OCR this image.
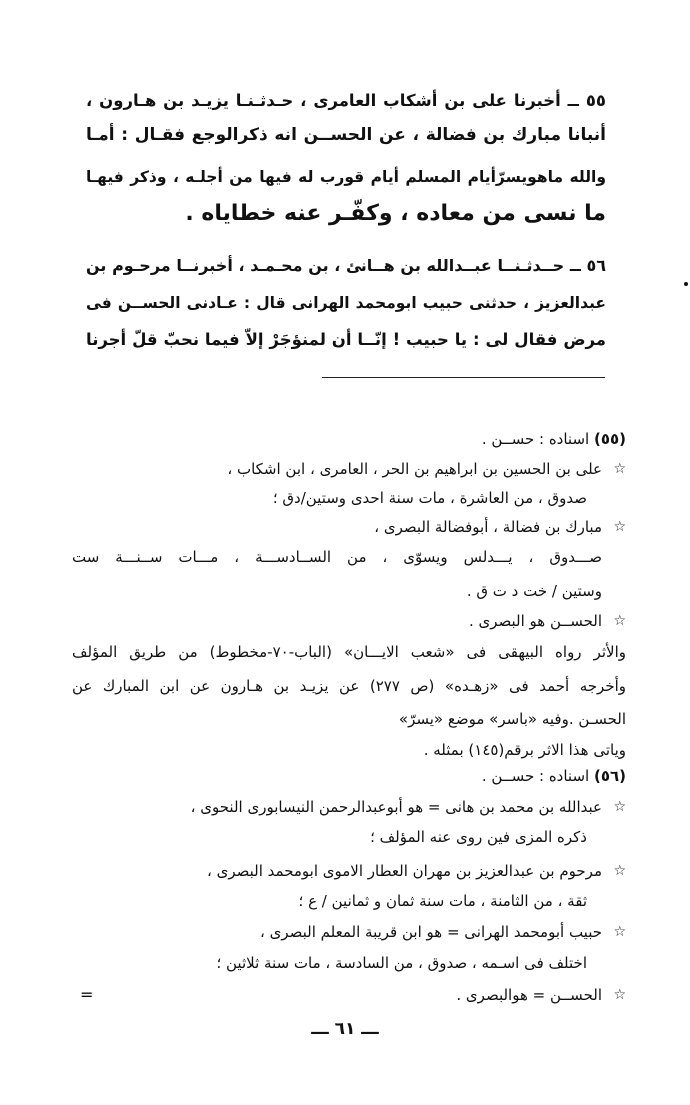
٥٥ ــ أخبرنا على بن أشكاب العامرى ، حـدثـنـا يزيـد بن هـارون ،
أنبانا مبارك بن فضالة ، عن الحســن انه ذكرالوجع فقـال : أمـا
والله ماهويسرّأيام المسلم أيام قورب له فيها من أجلـه ، وذكر فيهـا
ما نسى من معاده ، وكفّـر عنه خطاياه .
٥٦ ــ حــدثـنــا عبــدالله بن هــانئ ، بن محـمـد ، أخبرنــا مرحـوم بن
عبدالعزيز ، حدثنى حبيب ابومحمد الهرانى قال : عـادنى الحســن فى
مرض فقال لى : يا حبيب ! إنّــا أن لمنؤجَرْ إلاّ فيما نحبّ قلّ أجرنا
(٥٥) اسناده : حســن .
☆
على بن الحسين بن ابراهيم بن الحر ، العامرى ، ابن اشكاب ،
صدوق ، من العاشرة ، مات سنة احدى وستين/دق ؛
☆
مبارك بن فضالة ، أبوفضالة البصرى ،
صـــدوق ، يـــدلس ويسوّى ، من الســادســـة ، مـــات ســنـــة ست
وستين / خت د ت ق .
☆
الحســن هو البصرى .
والأثر رواه البيهقى فى «شعب الايـــان» (الباب-٧٠-مخطوط) من طريق المؤلف
وأخرجه أحمد فى «زهـده» (ص ٢٧٧) عن يزيـد بن هـارون عن ابن المبارك عن
الحسـن .وفيه «باسر» موضع «يسرّ»
وياتى هذا الاثر برقم(١٤٥) بمثله .
(٥٦) اسناده : حســن .
☆
عبدالله بن محمد بن هانى = هو أبوعبدالرحمن النيسابورى النحوى ،
ذكره المزى فين روى عنه المؤلف ؛
☆
مرحوم بن عبدالعزيز بن مهران العطار الاموى ابومحمد البصرى ،
ثقة ، من الثامنة ، مات سنة ثمان و ثمانين / ع ؛
☆
حبيب أبومحمد الهرانى = هو ابن قريبة المعلم البصرى ،
اختلف فى اسـمه ، صدوق ، من السادسة ، مات سنة ثلاثين ؛
☆
الحســن = هوالبصرى .
=
ـــ ٦١ ـــ
